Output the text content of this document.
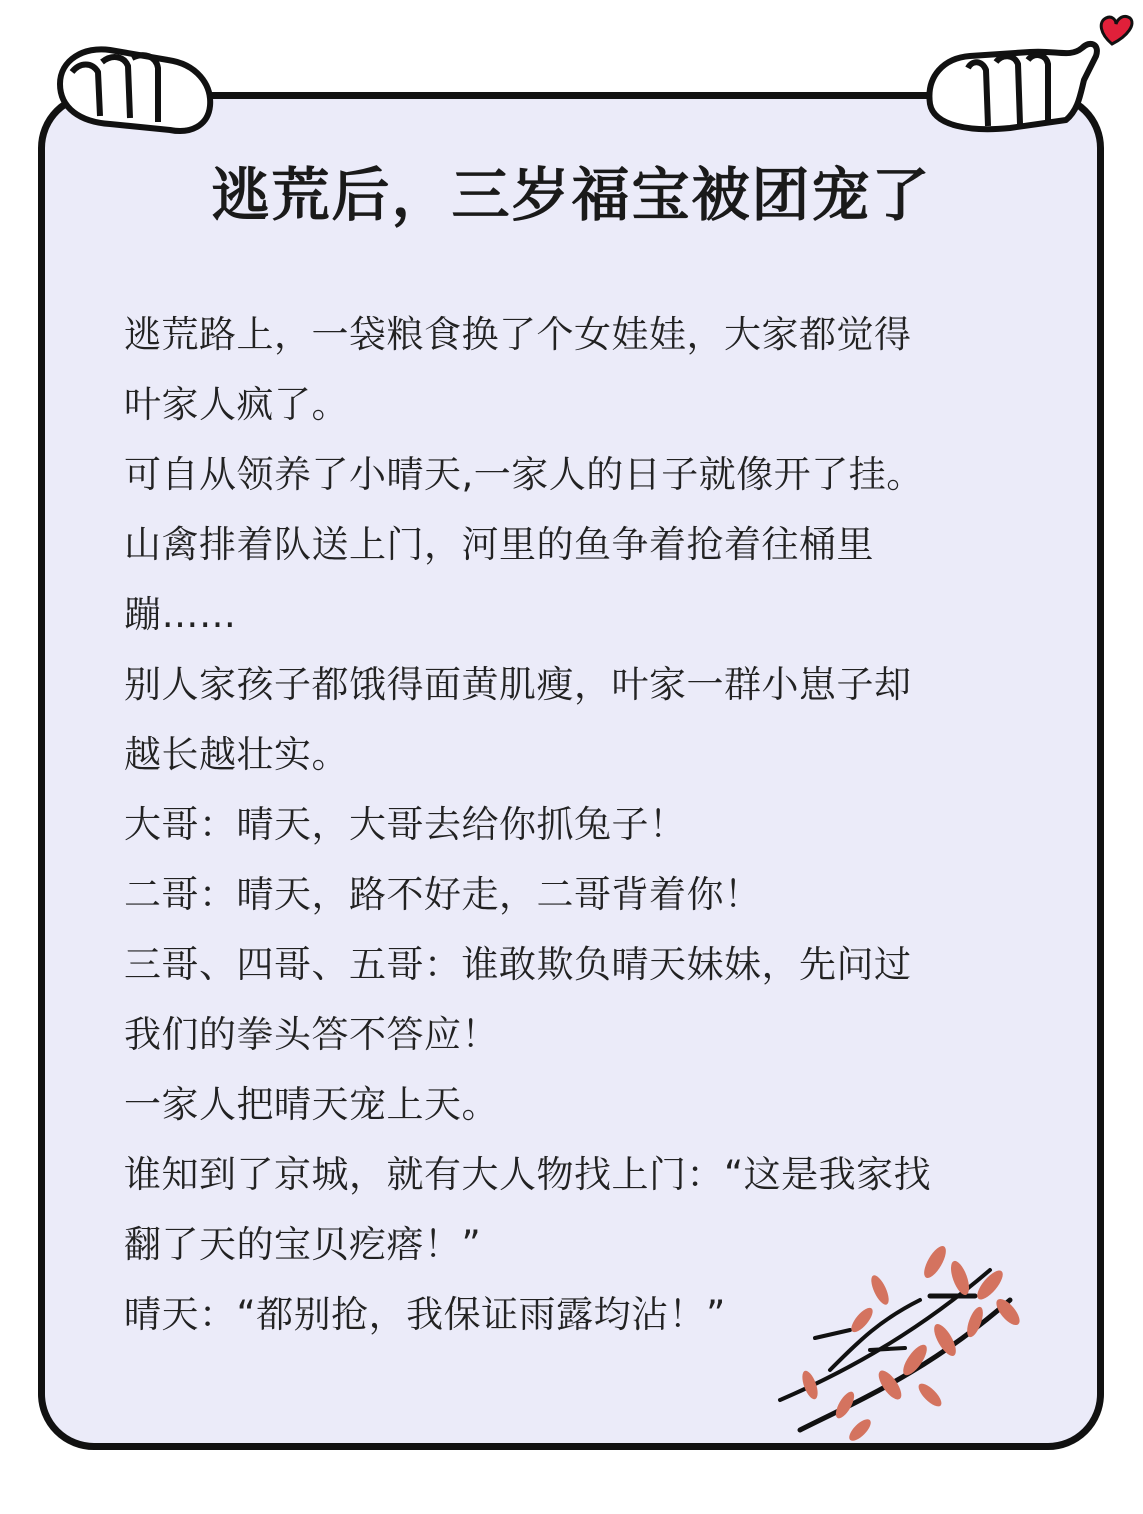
逃荒后，三岁福宝被团宠了
逃荒路上，一袋粮食换了个女娃娃，大家都觉得
叶家人疯了。
可自从领养了小晴天,一家人的日子就像开了挂。
山禽排着队送上门，河里的鱼争着抢着往桶里
蹦……
别人家孩子都饿得面黄肌瘦，叶家一群小崽子却
越长越壮实。
大哥：晴天，大哥去给你抓兔子！
二哥：晴天，路不好走，二哥背着你！
三哥、四哥、五哥：谁敢欺负晴天妹妹，先问过
我们的拳头答不答应！
一家人把晴天宠上天。
谁知到了京城，就有大人物找上门：“这是我家找
翻了天的宝贝疙瘩！”
晴天：“都别抢，我保证雨露均沾！”
